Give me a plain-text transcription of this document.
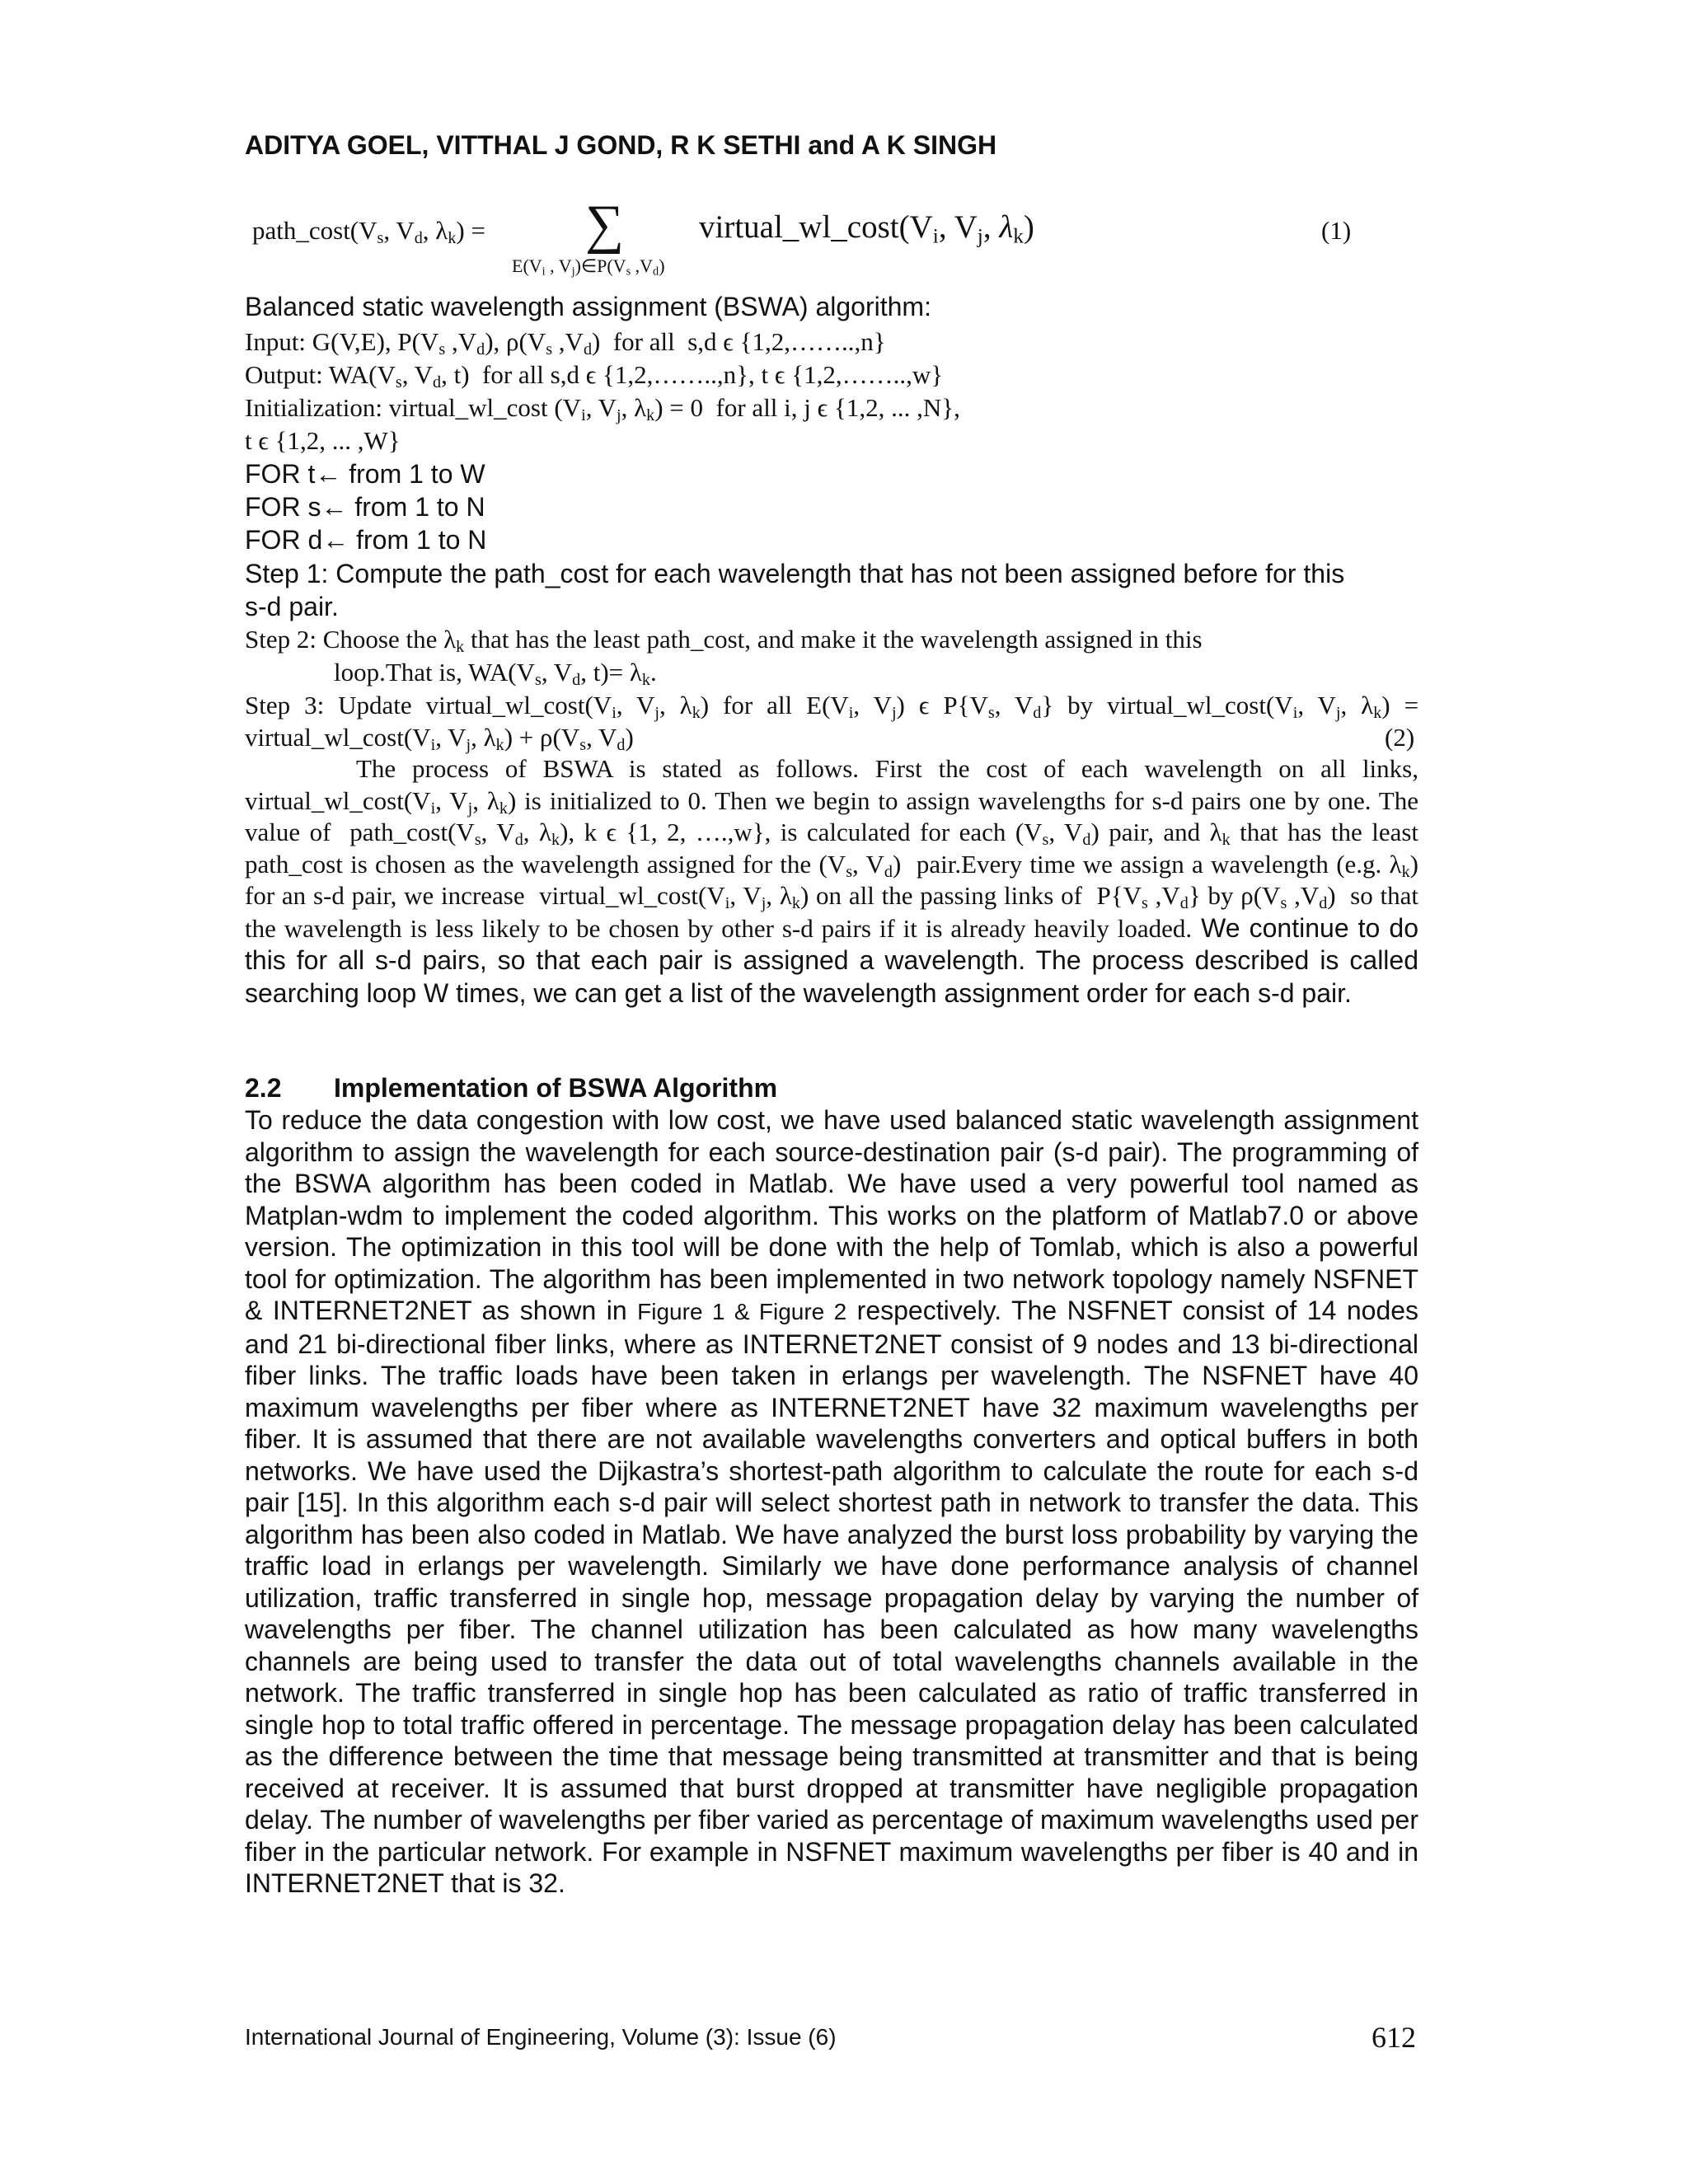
ADITYA GOEL, VITTHAL J GOND, R K SETHI and A K SINGH
$path\_\cos t(V_s$, $V_d$, $\lambda_k$) = ∑
$E(V_i$ , $V_j)\in P(V_s$ $,V_d$)
$virtual\_wl\_\cos t(V_i$, $V_j$, $\lambda_k$)	(1)
Balanced static wavelength assignment (BSWA) algorithm:
Input: G(V,E), $P(V_s$ $,V_d$), $\rho(V_s$ $,V_d$)  for all  s,d ϵ {1,2,……..,n}
Output: $WA(V_s$, $V_d$, t)  for all s,d ϵ {1,2,……..,n}, t ϵ {1,2,……..,w}
Initialization: virtual_wl_cost ($V_i$, $V_j$, $\lambda_k) = 0$  for all i, j ϵ {1,2, ... ,N},
t ϵ {1,2, ... ,W}
FOR t← from 1 to W
FOR s← from 1 to N
FOR d← from 1 to N
Step 1: Compute the path_cost for each wavelength that has not been assigned before for this
s-d pair.
Step 2: Choose the $\lambda_k$ that has the least path_cost, and make it the wavelength assigned in this
loop.That is, $WA(V_s$, $V_d$, $t)= \lambda_k$.
Step 3: Update $virtual\_wl\_\cos t(V_i$, $V_j$, $\lambda_k$) for all $E(V_i$, $V_j$) ϵ $P\{V_s$, $V_d$} by $virtual\_wl\_\cos t(V_i$, $V_j$, $\lambda_k$) =
$virtual\_wl\_\cos t(V_i$, $V_j$, $\lambda_k) + \rho(V_s$, $V_d$)	(2)
The process of BSWA is stated as follows. First the cost of each wavelength on all links, $virtual\_wl\_\cos t(V_i$, $V_j$, $\lambda_k$) is initialized to 0. Then we begin to assign wavelengths for s-d pairs one by one. The value of  $path\_\cos t(V_s$, $V_d$, $\lambda_k$), k ϵ {1, 2, ….,w}, is calculated for each ($V_s$, $V_d$) pair, and $\lambda_k$ that has the least path_cost is chosen as the wavelength assigned for the ($V_s$, $V_d$)  pair.Every time we assign a wavelength (e.g. $\lambda_k$) for an s-d pair, we increase  $virtual\_wl\_\cos t(V_i$, $V_j$, $\lambda_k$) on all the passing links of  $P\{V_s$ $,V_d$} by $\rho(V_s$ $,V_d$)  so that the wavelength is less likely to be chosen by other s-d pairs if it is already heavily loaded. We continue to do this for all s-d pairs, so that each pair is assigned a wavelength. The process described is called searching loop W times, we can get a list of the wavelength assignment order for each s-d pair.
2.2 Implementation of BSWA Algorithm
To reduce the data congestion with low cost, we have used balanced static wavelength assignment algorithm to assign the wavelength for each source-destination pair (s-d pair). The programming of the BSWA algorithm has been coded in Matlab. We have used a very powerful tool named as Matplan-wdm to implement the coded algorithm. This works on the platform of Matlab7.0 or above version. The optimization in this tool will be done with the help of Tomlab, which is also a powerful tool for optimization. The algorithm has been implemented in two network topology namely NSFNET & INTERNET2NET as shown in Figure 1 & Figure 2 respectively. The NSFNET consist of 14 nodes and 21 bi-directional fiber links, where as INTERNET2NET consist of 9 nodes and 13 bi-directional fiber links. The traffic loads have been taken in erlangs per wavelength. The NSFNET have 40 maximum wavelengths per fiber where as INTERNET2NET have 32 maximum wavelengths per fiber. It is assumed that there are not available wavelengths converters and optical buffers in both networks. We have used the Dijkastra’s shortest-path algorithm to calculate the route for each s-d pair [15]. In this algorithm each s-d pair will select shortest path in network to transfer the data. This algorithm has been also coded in Matlab. We have analyzed the burst loss probability by varying the traffic load in erlangs per wavelength. Similarly we have done performance analysis of channel utilization, traffic transferred in single hop, message propagation delay by varying the number of wavelengths per fiber. The channel utilization has been calculated as how many wavelengths channels are being used to transfer the data out of total wavelengths channels available in the network. The traffic transferred in single hop has been calculated as ratio of traffic transferred in single hop to total traffic offered in percentage. The message propagation delay has been calculated as the difference between the time that message being transmitted at transmitter and that is being received at receiver. It is assumed that burst dropped at transmitter have negligible propagation delay. The number of wavelengths per fiber varied as percentage of maximum wavelengths used per fiber in the particular network. For example in NSFNET maximum wavelengths per fiber is 40 and in INTERNET2NET that is 32.
International Journal of Engineering, Volume (3): Issue (6)	612
